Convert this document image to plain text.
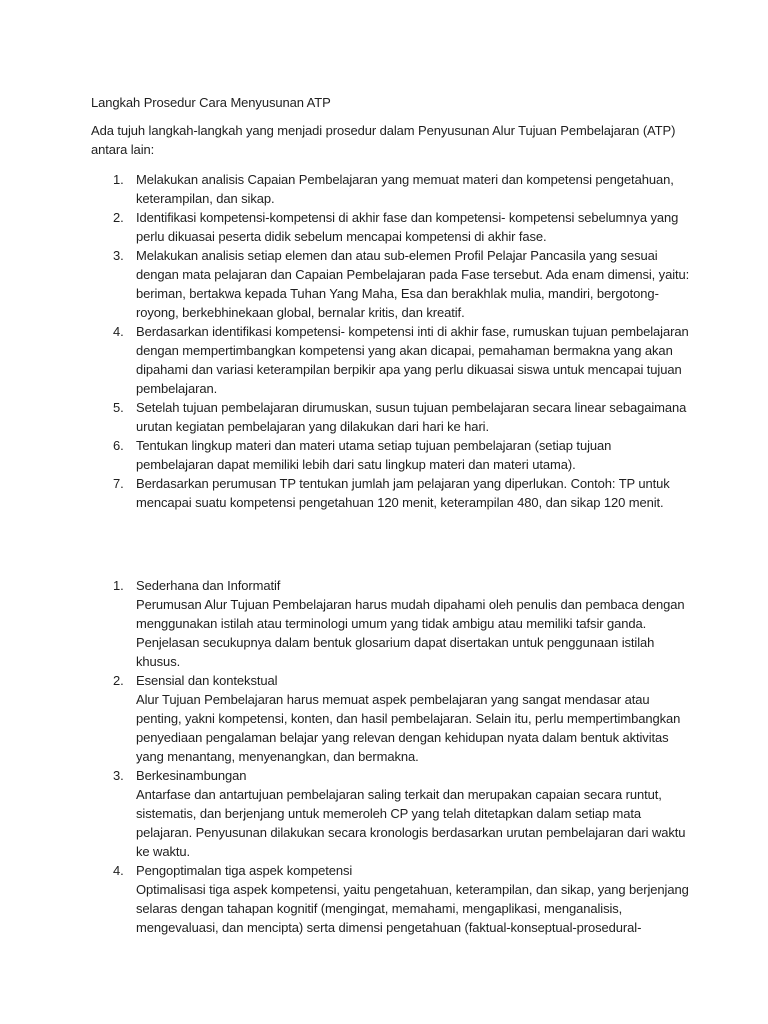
Langkah Prosedur Cara Menyusunan ATP
Ada tujuh langkah-langkah yang menjadi prosedur dalam Penyusunan Alur Tujuan Pembelajaran (ATP) antara lain:
1. Melakukan analisis Capaian Pembelajaran yang memuat materi dan kompetensi pengetahuan, keterampilan, dan sikap.
2. Identifikasi kompetensi-kompetensi di akhir fase dan kompetensi- kompetensi sebelumnya yang perlu dikuasai peserta didik sebelum mencapai kompetensi di akhir fase.
3. Melakukan analisis setiap elemen dan atau sub-elemen Profil Pelajar Pancasila yang sesuai dengan mata pelajaran dan Capaian Pembelajaran pada Fase tersebut. Ada enam dimensi, yaitu: beriman, bertakwa kepada Tuhan Yang Maha, Esa dan berakhlak mulia, mandiri, bergotong-royong, berkebhinekaan global, bernalar kritis, dan kreatif.
4. Berdasarkan identifikasi kompetensi- kompetensi inti di akhir fase, rumuskan tujuan pembelajaran dengan mempertimbangkan kompetensi yang akan dicapai, pemahaman bermakna yang akan dipahami dan variasi keterampilan berpikir apa yang perlu dikuasai siswa untuk mencapai tujuan pembelajaran.
5. Setelah tujuan pembelajaran dirumuskan, susun tujuan pembelajaran secara linear sebagaimana urutan kegiatan pembelajaran yang dilakukan dari hari ke hari.
6. Tentukan lingkup materi dan materi utama setiap tujuan pembelajaran (setiap tujuan pembelajaran dapat memiliki lebih dari satu lingkup materi dan materi utama).
7. Berdasarkan perumusan TP tentukan jumlah jam pelajaran yang diperlukan. Contoh: TP untuk mencapai suatu kompetensi pengetahuan 120 menit, keterampilan 480, dan sikap 120 menit.
1. Sederhana dan Informatif
Perumusan Alur Tujuan Pembelajaran harus mudah dipahami oleh penulis dan pembaca dengan menggunakan istilah atau terminologi umum yang tidak ambigu atau memiliki tafsir ganda. Penjelasan secukupnya dalam bentuk glosarium dapat disertakan untuk penggunaan istilah khusus.
2. Esensial dan kontekstual
Alur Tujuan Pembelajaran harus memuat aspek pembelajaran yang sangat mendasar atau penting, yakni kompetensi, konten, dan hasil pembelajaran. Selain itu, perlu mempertimbangkan penyediaan pengalaman belajar yang relevan dengan kehidupan nyata dalam bentuk aktivitas yang menantang, menyenangkan, dan bermakna.
3. Berkesinambungan
Antarfase dan antartujuan pembelajaran saling terkait dan merupakan capaian secara runtut, sistematis, dan berjenjang untuk memeroleh CP yang telah ditetapkan dalam setiap mata pelajaran. Penyusunan dilakukan secara kronologis berdasarkan urutan pembelajaran dari waktu ke waktu.
4. Pengoptimalan tiga aspek kompetensi
Optimalisasi tiga aspek kompetensi, yaitu pengetahuan, keterampilan, dan sikap, yang berjenjang selaras dengan tahapan kognitif (mengingat, memahami, mengaplikasi, menganalisis, mengevaluasi, dan mencipta) serta dimensi pengetahuan (faktual-konseptual-prosedural-
